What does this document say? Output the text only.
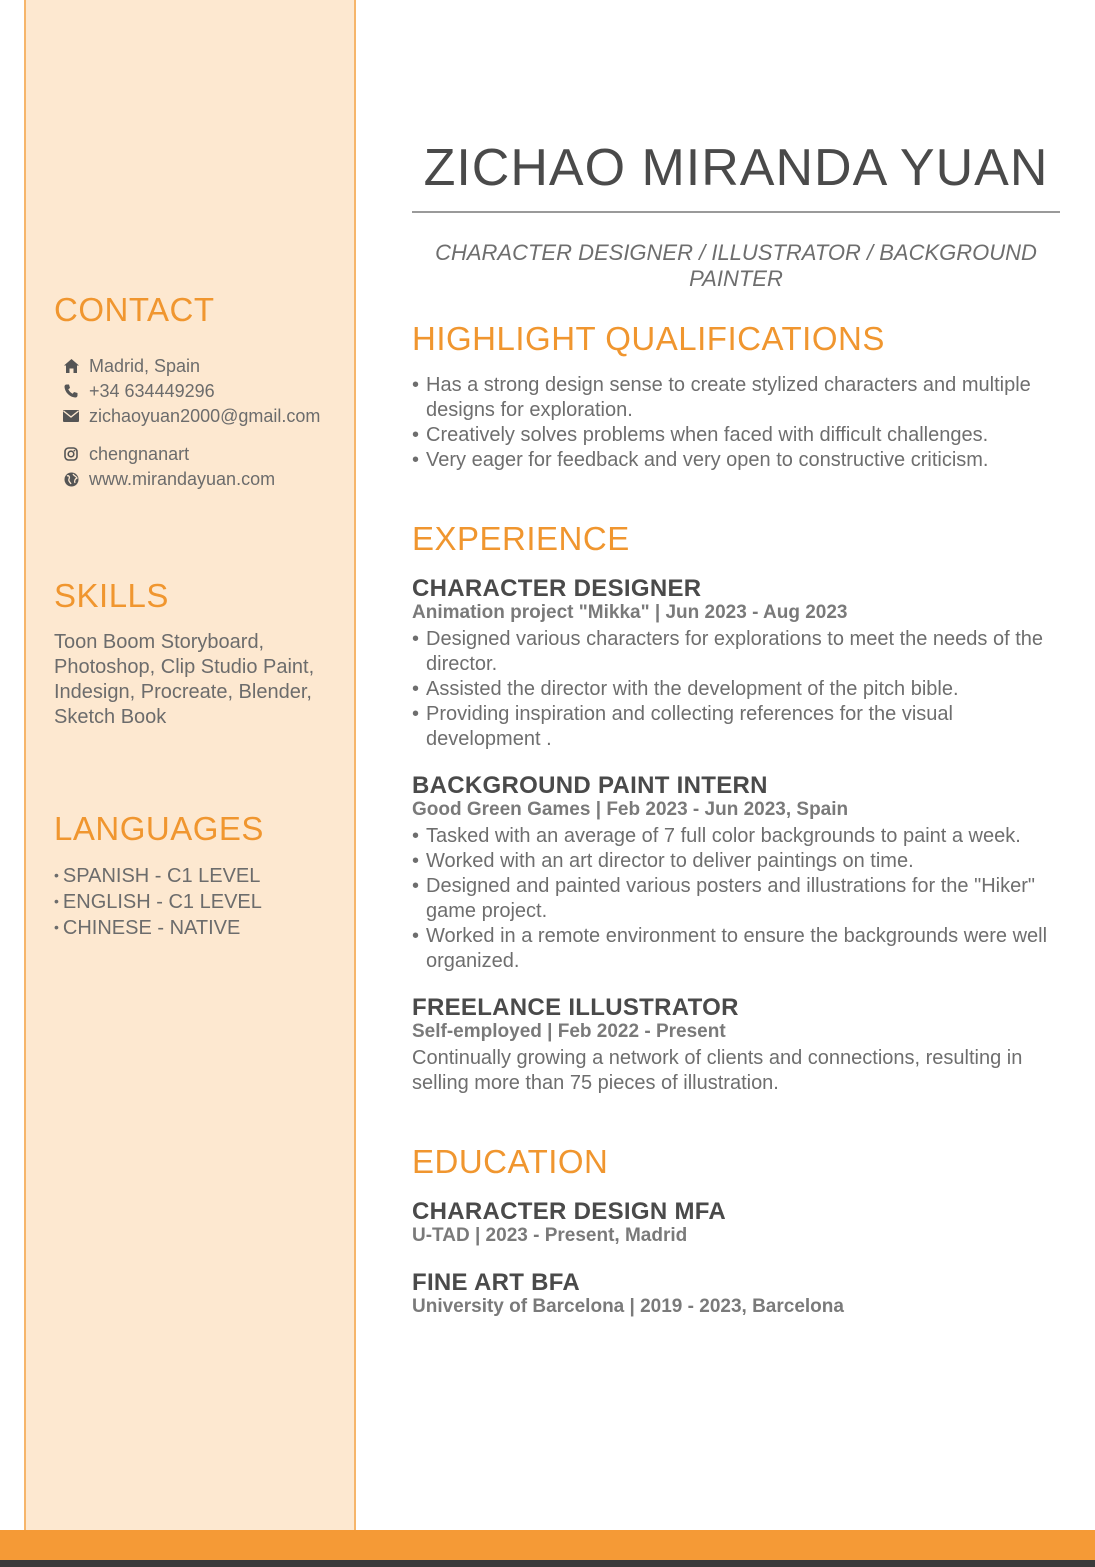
CONTACT
Madrid, Spain
+34 634449296
zichaoyuan2000@gmail.com
chengnanart
www.mirandayuan.com
SKILLS
Toon Boom Storyboard, Photoshop, Clip Studio Paint, Indesign, Procreate, Blender, Sketch Book
LANGUAGES
• SPANISH - C1 LEVEL
• ENGLISH - C1 LEVEL
• CHINESE - NATIVE
ZICHAO MIRANDA YUAN
CHARACTER DESIGNER / ILLUSTRATOR / BACKGROUND PAINTER
HIGHLIGHT QUALIFICATIONS
• Has a strong design sense to create stylized characters and multiple designs for exploration.
• Creatively solves problems when faced with difficult challenges.
• Very eager for feedback and very open to constructive criticism.
EXPERIENCE
CHARACTER DESIGNER
Animation project "Mikka" | Jun 2023 - Aug 2023
• Designed various characters for explorations to meet the needs of the director.
• Assisted the director with the development of the pitch bible.
• Providing inspiration and collecting references for the visual development .
BACKGROUND PAINT INTERN
Good Green Games | Feb 2023 - Jun 2023, Spain
• Tasked with an average of 7 full color backgrounds to paint a week.
• Worked with an art director to deliver paintings on time.
• Designed and painted various posters and illustrations for the "Hiker" game project.
• Worked in a remote environment to ensure the backgrounds were well organized.
FREELANCE ILLUSTRATOR
Self-employed | Feb 2022 - Present
Continually growing a network of clients and connections, resulting in selling more than 75 pieces of illustration.
EDUCATION
CHARACTER DESIGN MFA
U-TAD | 2023 - Present, Madrid
FINE ART BFA
University of Barcelona | 2019 - 2023, Barcelona
